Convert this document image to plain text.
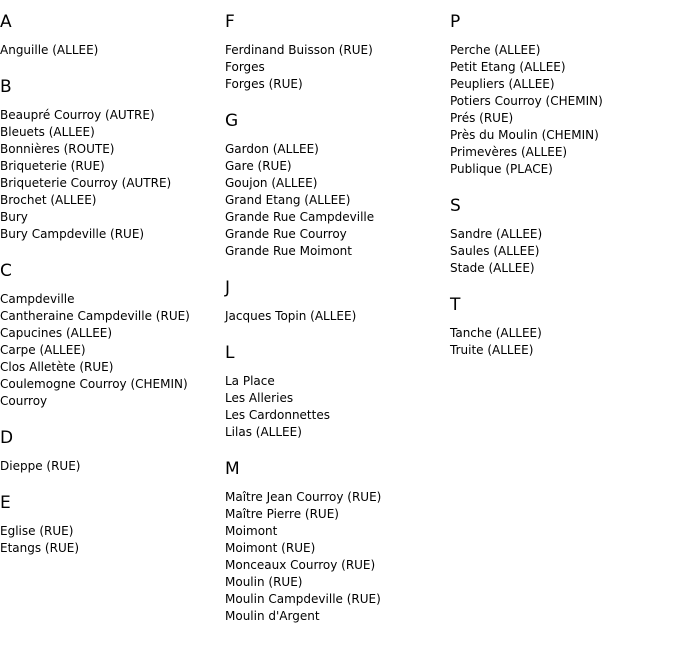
A
Anguille (ALLEE)
B
Beaupré Courroy (AUTRE)
Bleuets (ALLEE)
Bonnières (ROUTE)
Briqueterie (RUE)
Briqueterie Courroy (AUTRE)
Brochet (ALLEE)
Bury
Bury Campdeville (RUE)
C
Campdeville
Cantheraine Campdeville (RUE)
Capucines (ALLEE)
Carpe (ALLEE)
Clos Alletète (RUE)
Coulemogne Courroy (CHEMIN)
Courroy
D
Dieppe (RUE)
E
Eglise (RUE)
Etangs (RUE)
F
Ferdinand Buisson (RUE)
Forges
Forges (RUE)
G
Gardon (ALLEE)
Gare (RUE)
Goujon (ALLEE)
Grand Etang (ALLEE)
Grande Rue Campdeville
Grande Rue Courroy
Grande Rue Moimont
J
Jacques Topin (ALLEE)
L
La Place
Les Alleries
Les Cardonnettes
Lilas (ALLEE)
M
Maître Jean Courroy (RUE)
Maître Pierre (RUE)
Moimont
Moimont (RUE)
Monceaux Courroy (RUE)
Moulin (RUE)
Moulin Campdeville (RUE)
Moulin d'Argent
P
Perche (ALLEE)
Petit Etang (ALLEE)
Peupliers (ALLEE)
Potiers Courroy (CHEMIN)
Prés (RUE)
Près du Moulin (CHEMIN)
Primevères (ALLEE)
Publique (PLACE)
S
Sandre (ALLEE)
Saules (ALLEE)
Stade (ALLEE)
T
Tanche (ALLEE)
Truite (ALLEE)
